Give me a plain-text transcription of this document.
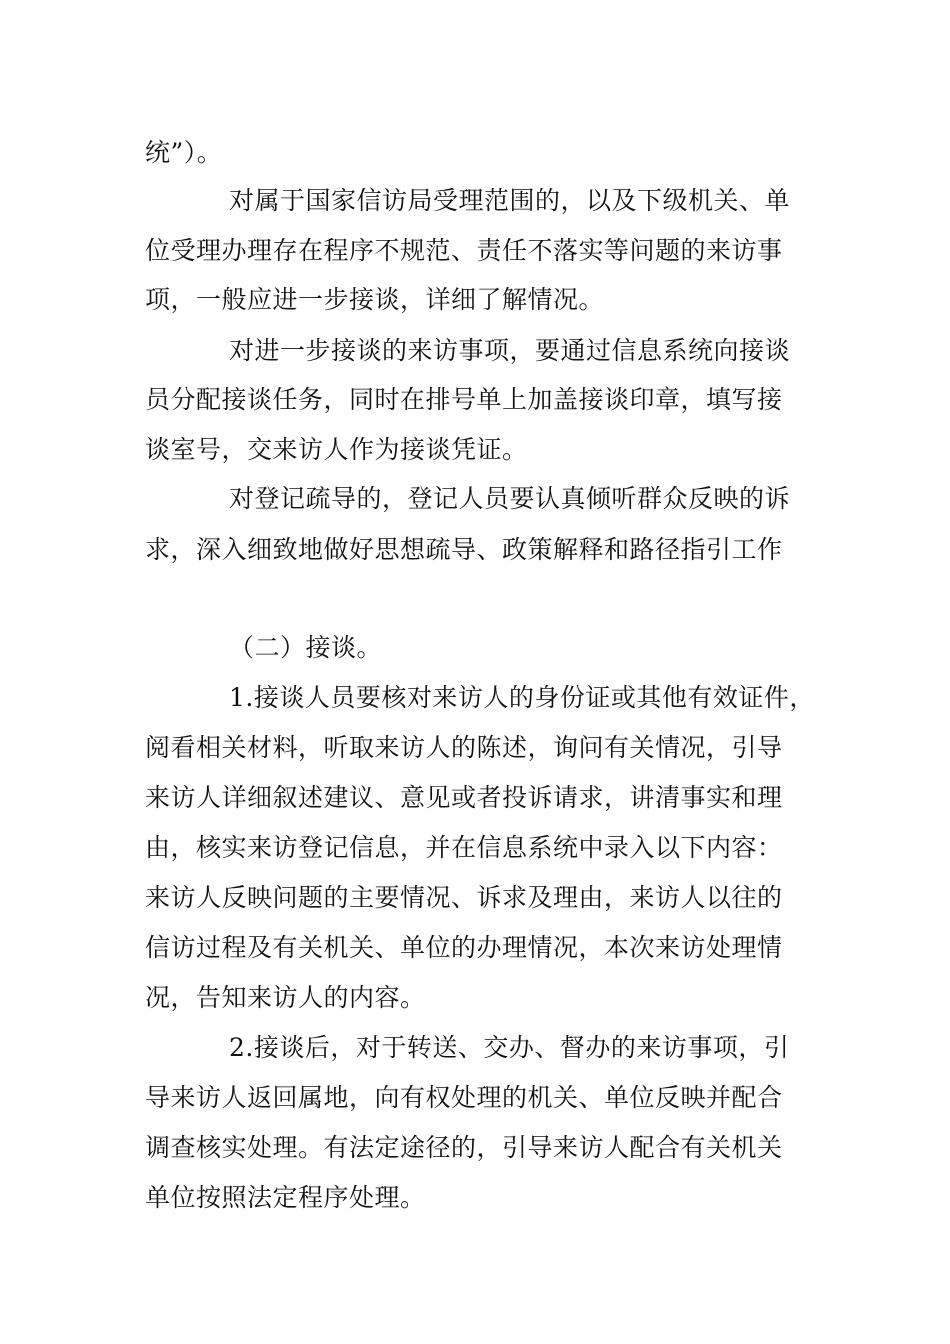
统”）。
对属于国家信访局受理范围的，以及下级机关、单
位受理办理存在程序不规范、责任不落实等问题的来访事
项，一般应进一步接谈，详细了解情况。
对进一步接谈的来访事项，要通过信息系统向接谈
员分配接谈任务，同时在排号单上加盖接谈印章，填写接
谈室号，交来访人作为接谈凭证。
对登记疏导的，登记人员要认真倾听群众反映的诉
求，深入细致地做好思想疏导、政策解释和路径指引工作
（二）接谈。
1.接谈人员要核对来访人的身份证或其他有效证件，
阅看相关材料，听取来访人的陈述，询问有关情况，引导
来访人详细叙述建议、意见或者投诉请求，讲清事实和理
由，核实来访登记信息，并在信息系统中录入以下内容：
来访人反映问题的主要情况、诉求及理由，来访人以往的
信访过程及有关机关、单位的办理情况，本次来访处理情
况，告知来访人的内容。
2.接谈后，对于转送、交办、督办的来访事项，引
导来访人返回属地，向有权处理的机关、单位反映并配合
调查核实处理。有法定途径的，引导来访人配合有关机关
单位按照法定程序处理。
